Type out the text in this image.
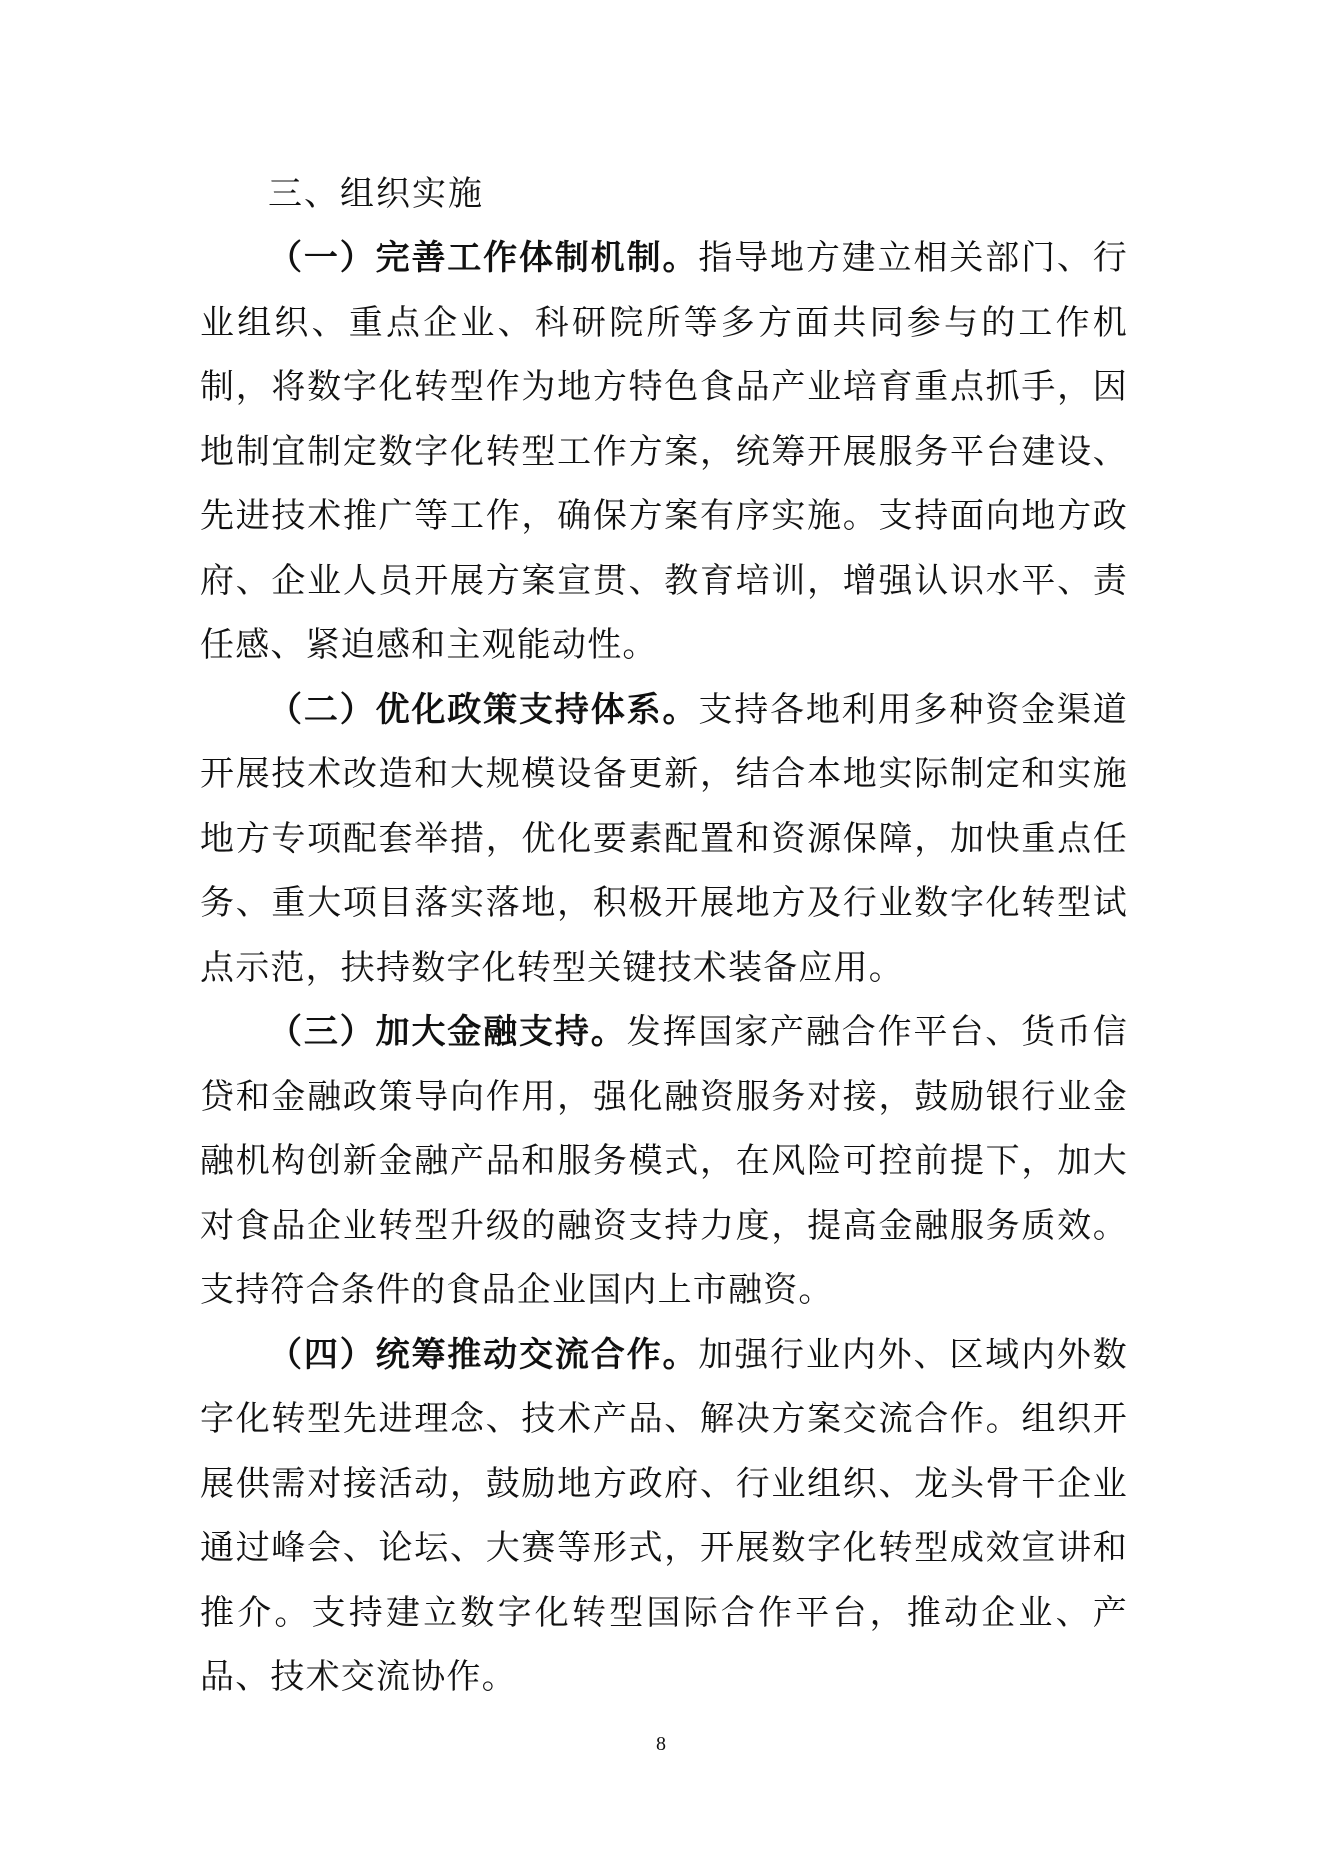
三、组织实施

（一）完善工作体制机制。指导地方建立相关部门、行业组织、重点企业、科研院所等多方面共同参与的工作机制，将数字化转型作为地方特色食品产业培育重点抓手，因地制宜制定数字化转型工作方案，统筹开展服务平台建设、先进技术推广等工作，确保方案有序实施。支持面向地方政府、企业人员开展方案宣贯、教育培训，增强认识水平、责任感、紧迫感和主观能动性。

（二）优化政策支持体系。支持各地利用多种资金渠道开展技术改造和大规模设备更新，结合本地实际制定和实施地方专项配套举措，优化要素配置和资源保障，加快重点任务、重大项目落实落地，积极开展地方及行业数字化转型试点示范，扶持数字化转型关键技术装备应用。

（三）加大金融支持。发挥国家产融合作平台、货币信贷和金融政策导向作用，强化融资服务对接，鼓励银行业金融机构创新金融产品和服务模式，在风险可控前提下，加大对食品企业转型升级的融资支持力度，提高金融服务质效。支持符合条件的食品企业国内上市融资。

（四）统筹推动交流合作。加强行业内外、区域内外数字化转型先进理念、技术产品、解决方案交流合作。组织开展供需对接活动，鼓励地方政府、行业组织、龙头骨干企业通过峰会、论坛、大赛等形式，开展数字化转型成效宣讲和推介。支持建立数字化转型国际合作平台，推动企业、产品、技术交流协作。

8
